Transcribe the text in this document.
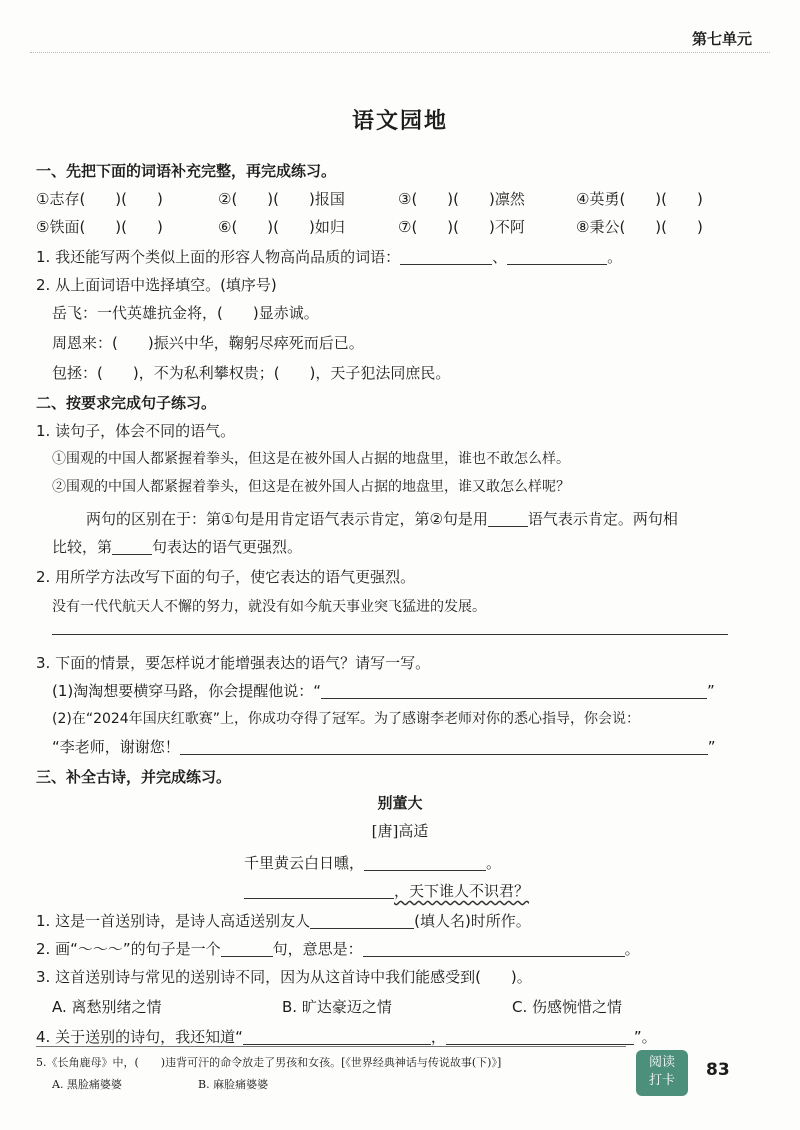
第七单元
语文园地
一、先把下面的词语补充完整，再完成练习。
①志存(　　)(　　)	②(　　)(　　)报国	③(　　)(　　)凛然	④英勇(　　)(　　)
⑤铁面(　　)(　　)	⑥(　　)(　　)如归	⑦(　　)(　　)不阿	⑧秉公(　　)(　　)
1. 我还能写两个类似上面的形容人物高尚品质的词语：	、	。
2. 从上面词语中选择填空。(填序号)
岳飞：一代英雄抗金将，(　　)显赤诚。
周恩来：(　　)振兴中华，鞠躬尽瘁死而后已。
包拯：(　　)，不为私利攀权贵；(　　)，天子犯法同庶民。
二、按要求完成句子练习。
1. 读句子，体会不同的语气。
①围观的中国人都紧握着拳头，但这是在被外国人占据的地盘里，谁也不敢怎么样。
②围观的中国人都紧握着拳头，但这是在被外国人占据的地盘里，谁又敢怎么样呢？
两句的区别在于：第①句是用肯定语气表示肯定，第②句是用	语气表示肯定。两句相
比较，第	句表达的语气更强烈。
2. 用所学方法改写下面的句子，使它表达的语气更强烈。
没有一代代航天人不懈的努力，就没有如今航天事业突飞猛进的发展。
3. 下面的情景，要怎样说才能增强表达的语气？请写一写。
(1)淘淘想要横穿马路，你会提醒他说：“	”
(2)在“2024年国庆红歌赛”上，你成功夺得了冠军。为了感谢李老师对你的悉心指导，你会说：
“李老师，谢谢您！	”
三、补全古诗，并完成练习。
别董大
[唐]高适
千里黄云白日曛，	。
，天下谁人不识君？
1. 这是一首送别诗，是诗人高适送别友人	(填人名)时所作。
2. 画“～～～”的句子是一个	句，意思是：	。
3. 这首送别诗与常见的送别诗不同，因为从这首诗中我们能感受到(　　)。
A. 离愁别绪之情	B. 旷达豪迈之情	C. 伤感惋惜之情
4. 关于送别的诗句，我还知道“	，	”。
5.《长角鹿母》中，(　　)违背可汗的命令放走了男孩和女孩。[《世界经典神话与传说故事(下)》]
A. 黑脸痛婆婆	B. 麻脸痛婆婆
阅读
打卡
83
